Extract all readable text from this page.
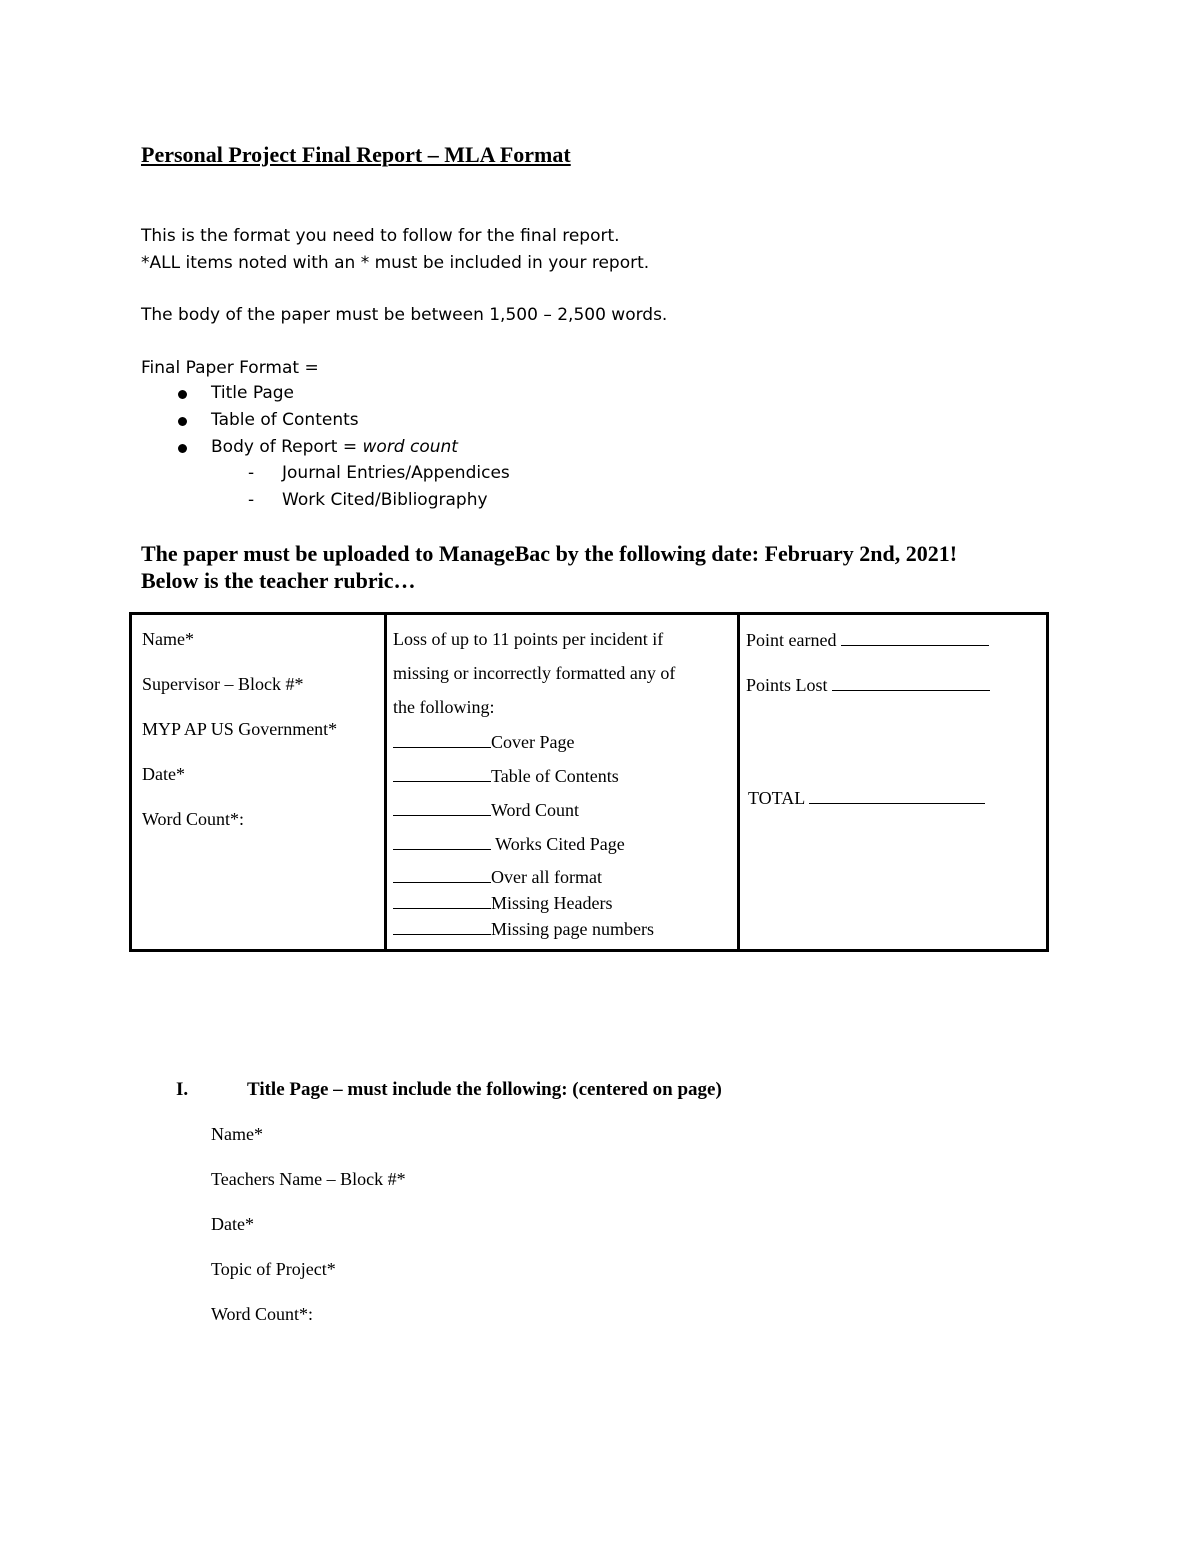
Personal Project Final Report – MLA Format
This is the format you need to follow for the final report.
*ALL items noted with an * must be included in your report.
The body of the paper must be between 1,500 – 2,500 words.
Final Paper Format =
Title Page
Table of Contents
Body of Report = word count
- Journal Entries/Appendices
- Work Cited/Bibliography
The paper must be uploaded to ManageBac by the following date: February 2nd, 2021!
Below is the teacher rubric…
Name*
Supervisor – Block #*
MYP AP US Government*
Date*
Word Count*:

Loss of up to 11 points per incident if
missing or incorrectly formatted any of
the following:
Cover Page
Table of Contents
Word Count
Works Cited Page
Over all format
Missing Headers
Missing page numbers

Point earned
Points Lost
TOTAL
I.	Title Page – must include the following: (centered on page)
Name*
Teachers Name – Block #*
Date*
Topic of Project*
Word Count*:
